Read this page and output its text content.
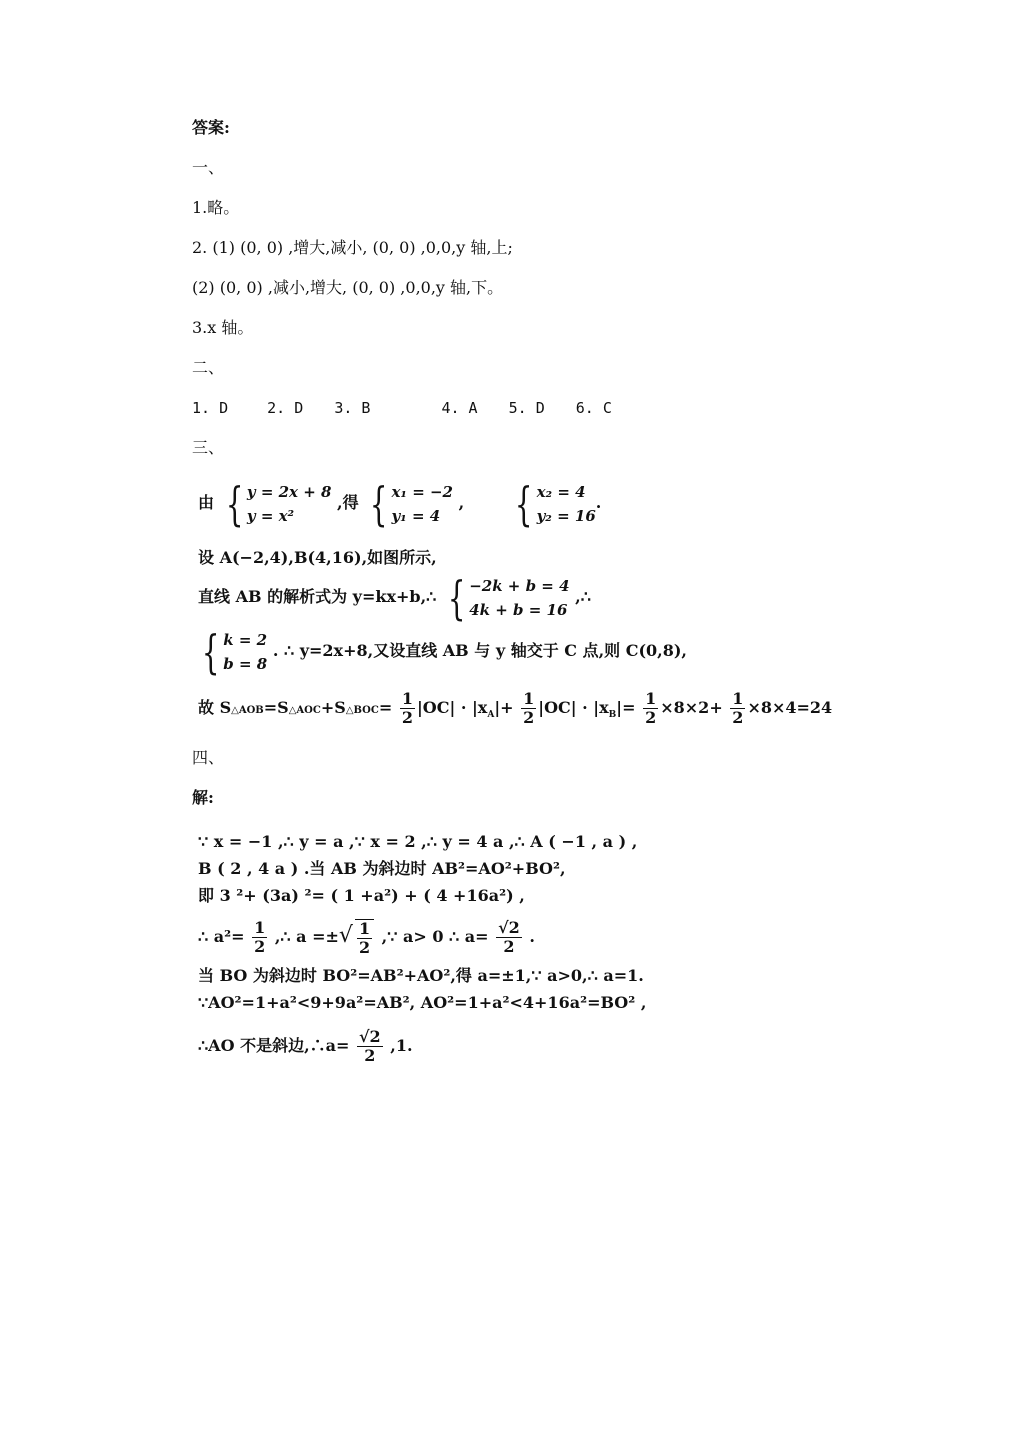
答案:
一、
1.略。
2. (1) (0, 0) ,增大,减小, (0, 0) ,0,0,y 轴,上;
(2) (0, 0) ,减小,增大, (0, 0) ,0,0,y 轴,下。
3.x 轴。
二、
1. D	2. D 3. B	4. A 5. D 6. C
三、
由 { y = 2x + 8
y = x²
,得 { x₁ = −2
y₁ = 4
, { x₂ = 4
y₂ = 16
.
设 A(−2,4),B(4,16),如图所示,
直线 AB 的解析式为 y=kx+b,∴ { −2k + b = 4
4k + b = 16
,∴
{ k = 2
b = 8
. ∴ y=2x+8,又设直线 AB 与 y 轴交于 C 点,则 C(0,8),
故 S△AOB=S△AOC+S△BOC= $\frac{1}{2} |OC| \cdot |x_A|+ \frac{1}{2} |OC| \cdot |x_B|= \frac{1}{2} \times 8\times 2+ \frac{1}{2} \times 8\times 4=24$
四、
解:
∵ x = −1 ,∴ y = a ,∵ x = 2 ,∴ y = 4 a ,∴ A ( −1 , a ) ,
B ( 2 , 4 a ) .当 AB 为斜边时 AB²=AO²+BO²,
即 3 ²+ (3a) ²= ( 1 +a²) + ( 4 +16a²) ,
∴ $a^2= \frac{1}{2}$ ,∴ a =±√ $\frac{1}{2}$ ,∵ a> 0 ∴ $a= \frac{√2}{2}$ .
当 BO 为斜边时 BO²=AB²+AO²,得 a=±1,∵ a>0,∴ a=1.
∵AO²=1+a²<9+9a²=AB², AO²=1+a²<4+16a²=BO² ,
∴AO 不是斜边,∴a= $\frac{√2}{2} ,1$.
